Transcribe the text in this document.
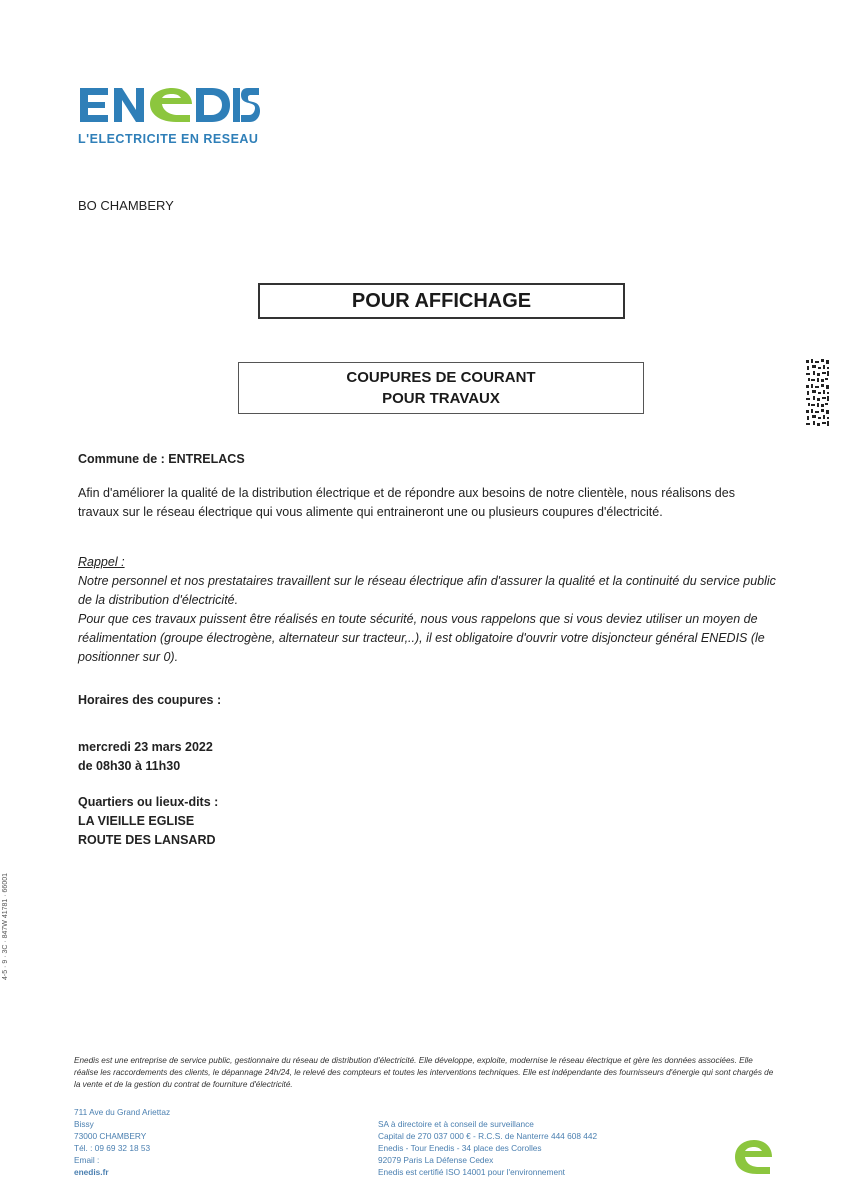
L'ELECTRICITE EN RESEAU
BO CHAMBERY
POUR AFFICHAGE
COUPURES DE COURANT
POUR TRAVAUX
Commune de : ENTRELACS
Afin d'améliorer la qualité de la distribution électrique et de répondre aux besoins de notre clientèle, nous réalisons des travaux sur le réseau électrique qui vous alimente qui entraineront une ou plusieurs coupures d'électricité.
Rappel :

Notre personnel et nos prestataires travaillent sur le réseau électrique afin d'assurer la qualité et la continuité du service public de la distribution d'électricité.

Pour que ces travaux puissent être réalisés en toute sécurité, nous vous rappelons que si vous deviez utiliser un moyen de réalimentation (groupe électrogène, alternateur sur tracteur,..), il est obligatoire d'ouvrir votre disjoncteur général ENEDIS (le positionner sur 0).

Horaires des coupures :
mercredi 23 mars 2022
de 08h30 à 11h30
Quartiers ou lieux-dits :
LA VIEILLE EGLISE
ROUTE DES LANSARD
4-5 · 9 · 3C · 847W 41781 · 66001
Enedis est une entreprise de service public, gestionnaire du réseau de distribution d'électricité. Elle développe, exploite, modernise le réseau électrique et gère les données associées. Elle réalise les raccordements des clients, le dépannage 24h/24, le relevé des compteurs et toutes les interventions techniques. Elle est indépendante des fournisseurs d'énergie qui sont chargés de la vente et de la gestion du contrat de fourniture d'électricité.
711 Ave du Grand Ariettaz
Bissy
73000 CHAMBERY
Tél. : 09 69 32 18 53
Email :
enedis.fr
SA à directoire et à conseil de surveillance
Capital de 270 037 000 € - R.C.S. de Nanterre 444 608 442
Enedis - Tour Enedis - 34 place des Corolles
92079 Paris La Défense Cedex
Enedis est certifié ISO 14001 pour l'environnement
